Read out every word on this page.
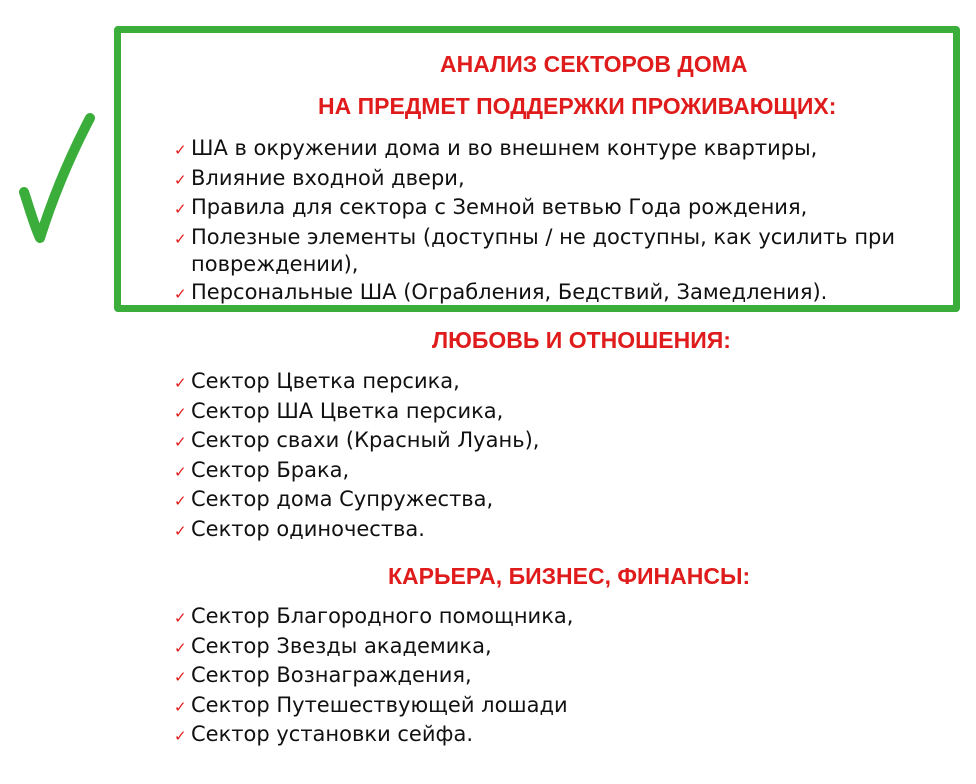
АНАЛИЗ СЕКТОРОВ ДОМА
НА ПРЕДМЕТ ПОДДЕРЖКИ ПРОЖИВАЮЩИХ:
✓ ША в окружении дома и во внешнем контуре квартиры,
✓ Влияние входной двери,
✓ Правила для сектора с Земной ветвью Года рождения,
✓ Полезные элементы (доступны / не доступны, как усилить при повреждении),
✓ Персональные ША (Ограбления, Бедствий, Замедления).
ЛЮБОВЬ И ОТНОШЕНИЯ:
✓ Сектор Цветка персика,
✓ Сектор ША Цветка персика,
✓ Сектор свахи (Красный Луань),
✓ Сектор Брака,
✓ Сектор дома Супружества,
✓ Сектор одиночества.
КАРЬЕРА, БИЗНЕС, ФИНАНСЫ:
✓ Сектор Благородного помощника,
✓ Сектор Звезды академика,
✓ Сектор Вознаграждения,
✓ Сектор Путешествующей лошади
✓ Сектор установки сейфа.
